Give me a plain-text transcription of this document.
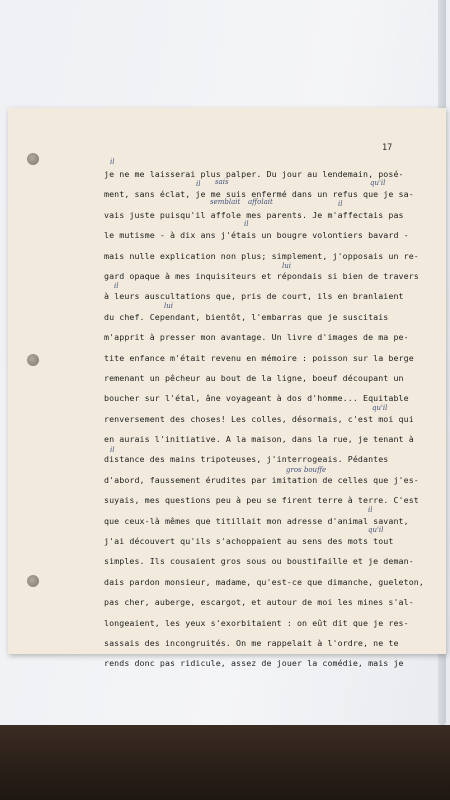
17
je ne me laisserai plus palper. Du jour au lendemain, posé-
ment, sans éclat, je me suis enfermé dans un refus que je sa-
vais juste puisqu'il affole mes parents. Je m'affectais pas
le mutisme - à dix ans j'étais un bougre volontiers bavard -
mais nulle explication non plus; simplement, j'opposais un re-
gard opaque à mes inquisiteurs et répondais si bien de travers
à leurs auscultations que, pris de court, ils en branlaient
du chef. Cependant, bientôt, l'embarras que je suscitais
m'apprit à presser mon avantage. Un livre d'images de ma pe-
tite enfance m'était revenu en mémoire : poisson sur la berge
remenant un pêcheur au bout de la ligne, boeuf découpant un
boucher sur l'étal, âne voyageant à dos d'homme... Equitable
renversement des choses! Les colles, désormais, c'est moi qui
en aurais l'initiative. A la maison, dans la rue, je tenant à
distance des mains tripoteuses, j'interrogeais. Pédantes
d'abord, faussement érudites par imitation de celles que j'es-
suyais, mes questions peu à peu se firent terre à terre. C'est
que ceux-là mêmes que titillait mon adresse d'animal savant,
j'ai découvert qu'ils s'achoppaient au sens des mots tout
simples. Ils cousaient gros sous ou boustifaille et je deman-
dais pardon monsieur, madame, qu'est-ce que dimanche, gueleton,
pas cher, auberge, escargot, et autour de moi les mines s'al-
longeaient, les yeux s'exorbitaient : on eût dit que je res-
sassais des incongruités. On me rappelait à l'ordre, ne te
rends donc pas ridicule, assez de jouer la comédie, mais je
il
il sais	qu'il
semblait affolait	il
il
lui
il
lui
qu'il
il
gros bouffe
il
qu'il
